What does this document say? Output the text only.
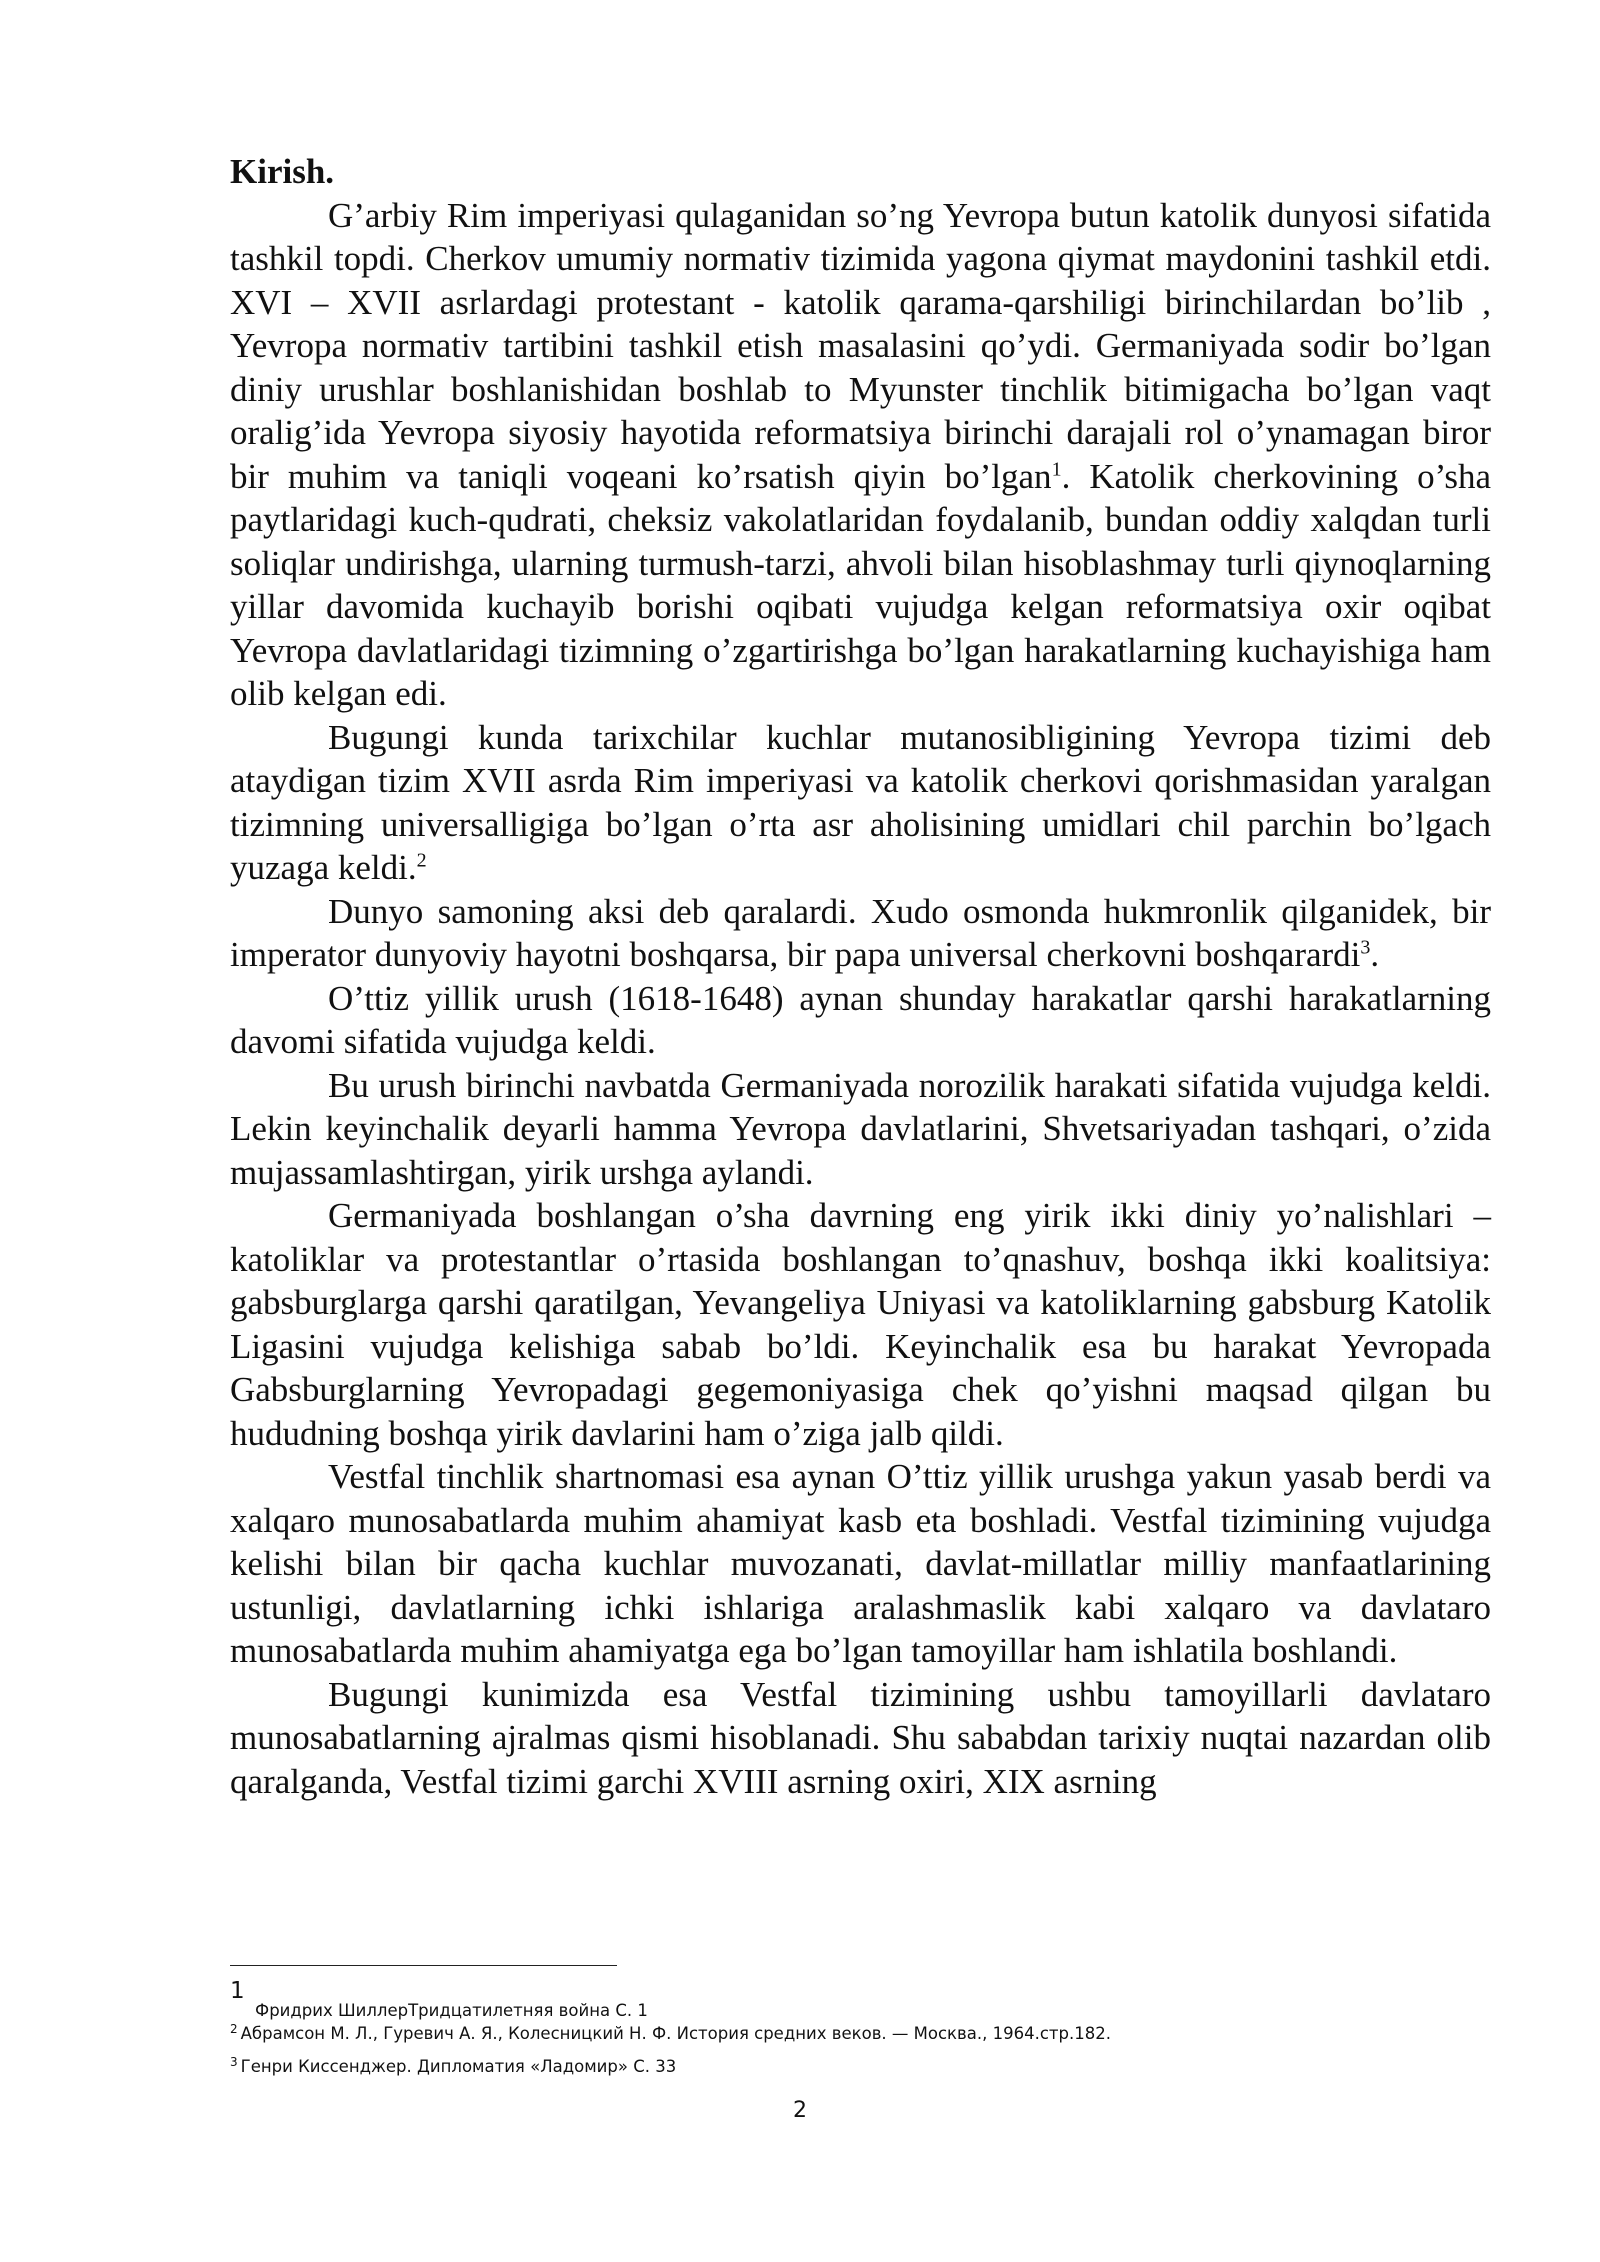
Kirish.

G’arbiy Rim imperiyasi qulaganidan so’ng Yevropa butun katolik dunyosi sifatida tashkil topdi. Cherkov umumiy normativ tizimida yagona qiymat maydonini tashkil etdi. XVI – XVII asrlardagi protestant - katolik qarama-qarshiligi birinchilardan bo’lib , Yevropa normativ tartibini tashkil etish masalasini qo’ydi. Germaniyada sodir bo’lgan diniy urushlar boshlanishidan boshlab to Myunster tinchlik bitimigacha bo’lgan vaqt oralig’ida Yevropa siyosiy hayotida reformatsiya birinchi darajali rol o’ynamagan biror bir muhim va taniqli voqeani ko’rsatish qiyin bo’lgan$^1$. Katolik cherkovining o’sha paytlaridagi kuch-qudrati, cheksiz vakolatlaridan foydalanib, bundan oddiy xalqdan turli soliqlar undirishga, ularning turmush-tarzi, ahvoli bilan hisoblashmay turli qiynoqlarning yillar davomida kuchayib borishi oqibati vujudga kelgan reformatsiya oxir oqibat Yevropa davlatlaridagi tizimning o’zgartirishga bo’lgan harakatlarning kuchayishiga ham olib kelgan edi.

Bugungi kunda tarixchilar kuchlar mutanosibligining Yevropa tizimi deb ataydigan tizim XVII asrda Rim imperiyasi va katolik cherkovi qorishmasidan yaralgan tizimning universalligiga bo’lgan o’rta asr aholisining umidlari chil parchin bo’lgach yuzaga keldi.$^2$

Dunyo samoning aksi deb qaralardi. Xudo osmonda hukmronlik qilganidek, bir imperator dunyoviy hayotni boshqarsa, bir papa universal cherkovni boshqarardi$^3$.

O’ttiz yillik urush (1618-1648) aynan shunday harakatlar qarshi harakatlarning davomi sifatida vujudga keldi.

Bu urush birinchi navbatda Germaniyada norozilik harakati sifatida vujudga keldi. Lekin keyinchalik deyarli hamma Yevropa davlatlarini, Shvetsariyadan tashqari, o’zida mujassamlashtirgan, yirik urshga aylandi.

Germaniyada boshlangan o’sha davrning eng yirik ikki diniy yo’nalishlari – katoliklar va protestantlar o’rtasida boshlangan to’qnashuv, boshqa ikki koalitsiya: gabsburglarga qarshi qaratilgan, Yevangeliya Uniyasi va katoliklarning gabsburg Katolik Ligasini vujudga kelishiga sabab bo’ldi. Keyinchalik esa bu harakat Yevropada Gabsburglarning Yevropadagi gegemoniyasiga chek qo’yishni maqsad qilgan bu hududning boshqa yirik davlarini ham o’ziga jalb qildi.

Vestfal tinchlik shartnomasi esa aynan O’ttiz yillik urushga yakun yasab berdi va xalqaro munosabatlarda muhim ahamiyat kasb eta boshladi. Vestfal tizimining vujudga kelishi bilan bir qacha kuchlar muvozanati, davlat-millatlar milliy manfaatlarining ustunligi, davlatlarning ichki ishlariga aralashmaslik kabi xalqaro va davlataro munosabatlarda muhim ahamiyatga ega bo’lgan tamoyillar ham ishlatila boshlandi.

Bugungi kunimizda esa Vestfal tizimining ushbu tamoyillarli davlataro munosabatlarning ajralmas qismi hisoblanadi. Shu sababdan tarixiy nuqtai nazardan olib qaralganda, Vestfal tizimi garchi XVIII asrning oxiri, XIX asrning

1
Фридрих ШиллерТридцатилетняя война С. 1
$^2$ Абрамсон М. Л., Гуревич А. Я., Колесницкий Н. Ф. История средних веков. — Москва., 1964.стр.182.
$^3$ Генри Киссенджер. Дипломатия «Ладомир» С. 33
2
